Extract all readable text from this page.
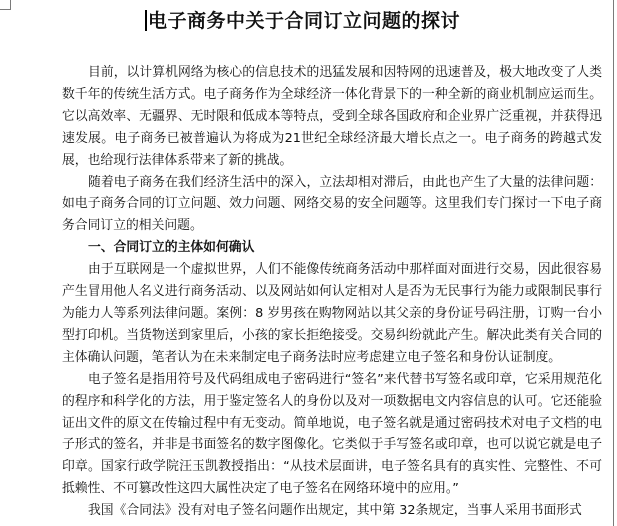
电子商务中关于合同订立问题的探讨

目前，以计算机网络为核心的信息技术的迅猛发展和因特网的迅速普及，极大地改变了人类数千年的传统生活方式。电子商务作为全球经济一体化背景下的一种全新的商业机制应运而生。它以高效率、无疆界、无时限和低成本等特点，受到全球各国政府和企业界广泛重视，并获得迅速发展。电子商务已被普遍认为将成为21世纪全球经济最大增长点之一。电子商务的跨越式发展，也给现行法律体系带来了新的挑战。

随着电子商务在我们经济生活中的深入，立法却相对滞后，由此也产生了大量的法律问题：如电子商务合同的订立问题、效力问题、网络交易的安全问题等。这里我们专门探讨一下电子商务合同订立的相关问题。

一、合同订立的主体如何确认

由于互联网是一个虚拟世界，人们不能像传统商务活动中那样面对面进行交易，因此很容易产生冒用他人名义进行商务活动、以及网站如何认定相对人是否为无民事行为能力或限制民事行为能力人等系列法律问题。案例：8 岁男孩在购物网站以其父亲的身份证号码注册，订购一台小型打印机。当货物送到家里后，小孩的家长拒绝接受。交易纠纷就此产生。解决此类有关合同的主体确认问题，笔者认为在未来制定电子商务法时应考虑建立电子签名和身份认证制度。

电子签名是指用符号及代码组成电子密码进行“签名”来代替书写签名或印章，它采用规范化的程序和科学化的方法，用于鉴定签名人的身份以及对一项数据电文内容信息的认可。它还能验证出文件的原文在传输过程中有无变动。简单地说，电子签名就是通过密码技术对电子文档的电子形式的签名，并非是书面签名的数字图像化。它类似于手写签名或印章，也可以说它就是电子印章。国家行政学院汪玉凯教授指出：“从技术层面讲，电子签名具有的真实性、完整性、不可抵赖性、不可篡改性这四大属性决定了电子签名在网络环境中的应用。”

我国《合同法》没有对电子签名问题作出规定，其中第 32条规定，当事人采用书面形式
